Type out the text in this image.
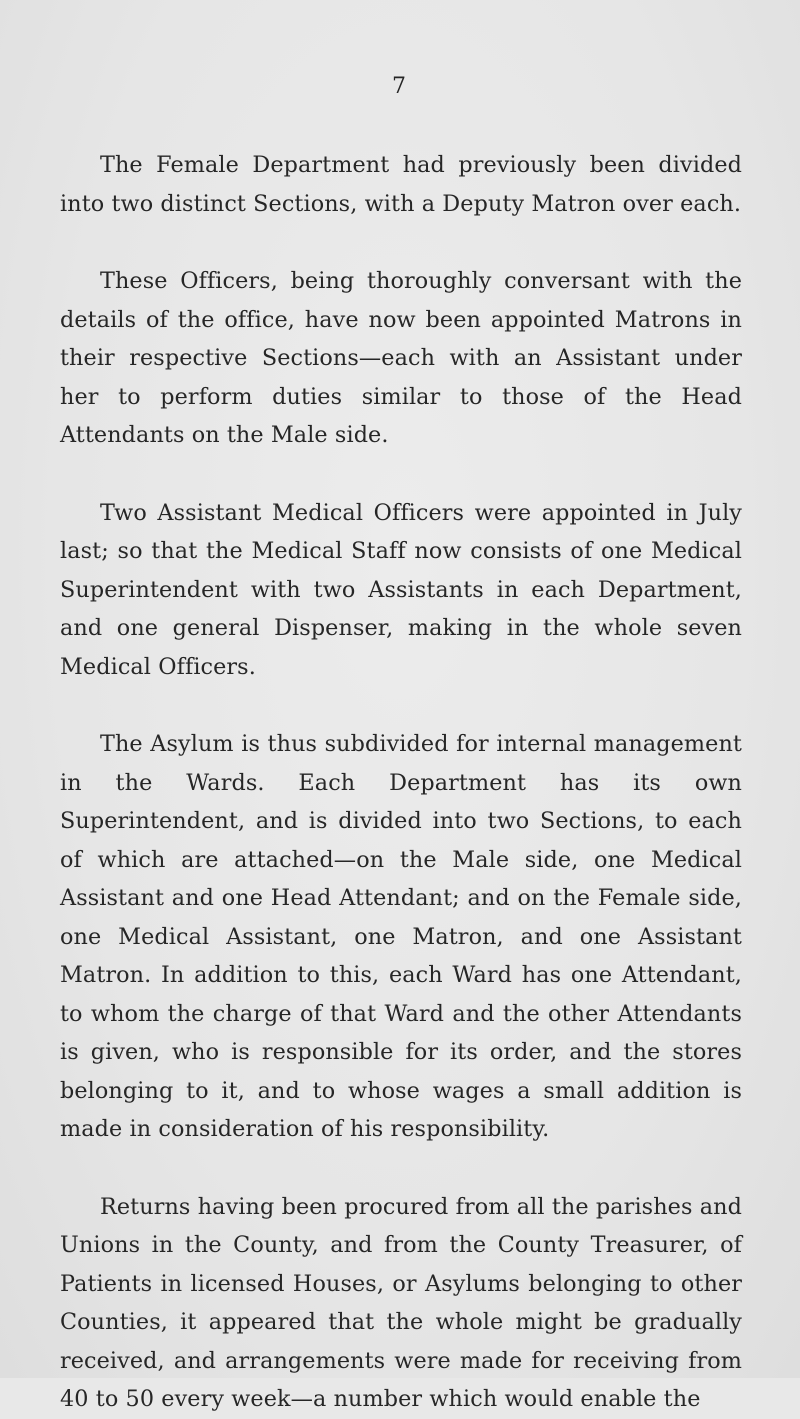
7

The Female Department had previously been divided into two distinct Sections, with a Deputy Matron over each.

These Officers, being thoroughly conversant with the details of the office, have now been appointed Matrons in their respective Sections—each with an Assistant under her to perform duties similar to those of the Head Attendants on the Male side.

Two Assistant Medical Officers were appointed in July last; so that the Medical Staff now consists of one Medical Superintendent with two Assistants in each Department, and one general Dispenser, making in the whole seven Medical Officers.

The Asylum is thus subdivided for internal management in the Wards. Each Department has its own Superintendent, and is divided into two Sections, to each of which are attached—on the Male side, one Medical Assistant and one Head Attendant; and on the Female side, one Medical Assistant, one Matron, and one Assistant Matron. In addition to this, each Ward has one Attendant, to whom the charge of that Ward and the other Attendants is given, who is responsible for its order, and the stores belonging to it, and to whose wages a small addition is made in consideration of his responsibility.

Returns having been procured from all the parishes and Unions in the County, and from the County Treasurer, of Patients in licensed Houses, or Asylums belonging to other Counties, it appeared that the whole might be gradually received, and arrangements were made for receiving from 40 to 50 every week—a number which would enable the
